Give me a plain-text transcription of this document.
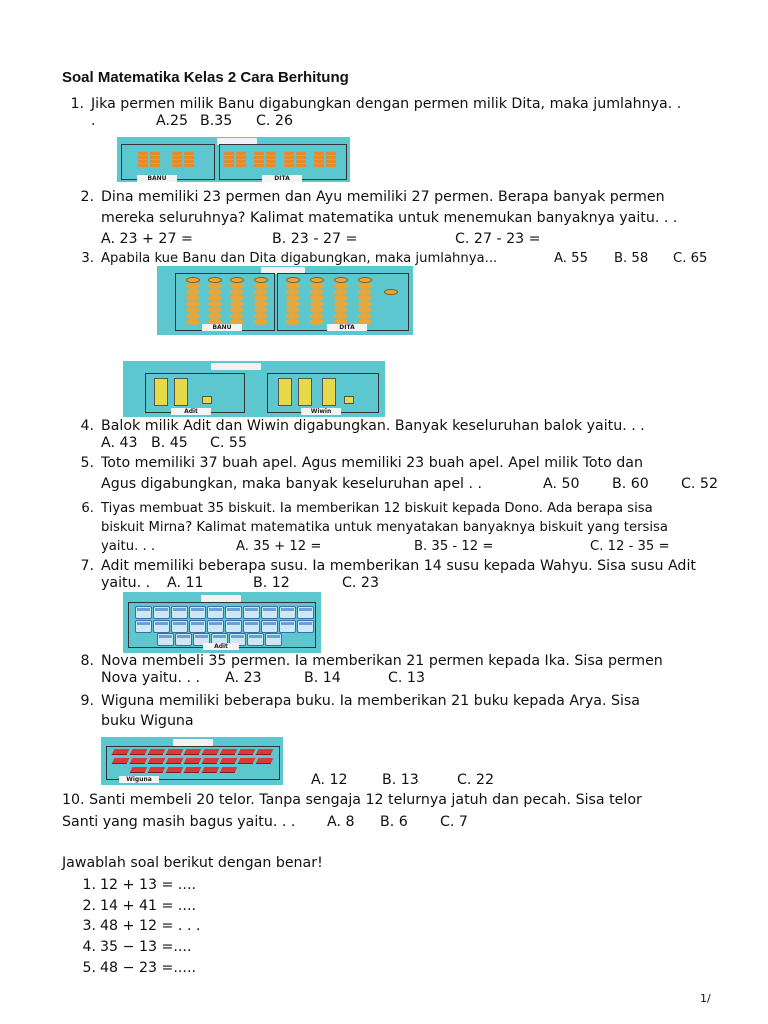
Soal Matematika Kelas 2 Cara Berhitung
1. Jika permen milik Banu digabungkan dengan permen milik Dita, maka jumlahnya. .
.	A.25 B.35 C. 26
BANU	DITA
2. Dina memiliki 23 permen dan Ayu memiliki 27 permen. Berapa banyak permen
mereka seluruhnya? Kalimat matematika untuk menemukan banyaknya yaitu. . .
A. 23 + 27 =	B. 23 - 27 =	C. 27 - 23 =
3. Apabila kue Banu dan Dita digabungkan, maka jumlahnya...	A. 55 B. 58 C. 65
BANU	DITA
Adit	Wiwin
4. Balok milik Adit dan Wiwin digabungkan. Banyak keseluruhan balok yaitu. . .
A. 43 B. 45 C. 55
5. Toto memiliki 37 buah apel. Agus memiliki 23 buah apel. Apel milik Toto dan
Agus digabungkan, maka banyak keseluruhan apel . .	A. 50 B. 60 C. 52
6. Tiyas membuat 35 biskuit. Ia memberikan 12 biskuit kepada Dono. Ada berapa sisa
biskuit Mirna? Kalimat matematika untuk menyatakan banyaknya biskuit yang tersisa
yaitu. . .	A. 35 + 12 =	B. 35 - 12 =	C. 12 - 35 =
7. Adit memiliki beberapa susu. Ia memberikan 14 susu kepada Wahyu. Sisa susu Adit
yaitu. . A. 11	B. 12	C. 23
Adit
8. Nova membeli 35 permen. Ia memberikan 21 permen kepada Ika. Sisa permen
Nova yaitu. . . A. 23	B. 14	C. 13
9. Wiguna memiliki beberapa buku. Ia memberikan 21 buku kepada Arya. Sisa
buku Wiguna
Wiguna	A. 12 B. 13	C. 22
10. Santi membeli 20 telor. Tanpa sengaja 12 telurnya jatuh dan pecah. Sisa telor
Santi yang masih bagus yaitu. . . A. 8 B. 6 C. 7
Jawablah soal berikut dengan benar!
1. 12 + 13 = ....
2. 14 + 41 = ....
3. 48 + 12 = . . .
4. 35 − 13 =....
5. 48 − 23 =.....
1/
